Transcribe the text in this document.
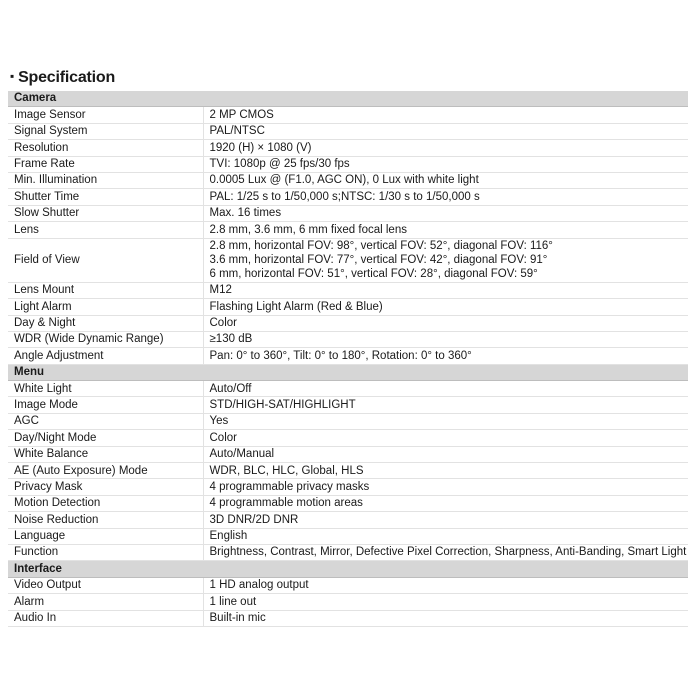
▪ Specification
Camera	
Image Sensor	2 MP CMOS
Signal System	PAL/NTSC
Resolution	1920 (H) × 1080 (V)
Frame Rate	TVI: 1080p @ 25 fps/30 fps
Min. Illumination	0.0005 Lux @ (F1.0, AGC ON), 0 Lux with white light
Shutter Time	PAL: 1/25 s to 1/50,000 s;NTSC: 1/30 s to 1/50,000 s
Slow Shutter	Max. 16 times
Lens	2.8 mm, 3.6 mm, 6 mm fixed focal lens
Field of View	2.8 mm, horizontal FOV: 98°, vertical FOV: 52°, diagonal FOV: 116°
3.6 mm, horizontal FOV: 77°, vertical FOV: 42°, diagonal FOV: 91°
6 mm, horizontal FOV: 51°, vertical FOV: 28°, diagonal FOV: 59°

Lens Mount	M12
Light Alarm	Flashing Light Alarm (Red & Blue)
Day & Night	Color
WDR (Wide Dynamic Range)	≥130 dB
Angle Adjustment	Pan: 0° to 360°, Tilt: 0° to 180°, Rotation: 0° to 360°
Menu	
White Light	Auto/Off
Image Mode	STD/HIGH-SAT/HIGHLIGHT
AGC	Yes
Day/Night Mode	Color
White Balance	Auto/Manual
AE (Auto Exposure) Mode	WDR, BLC, HLC, Global, HLS
Privacy Mask	4 programmable privacy masks
Motion Detection	4 programmable motion areas
Noise Reduction	3D DNR/2D DNR
Language	English
Function	Brightness, Contrast, Mirror, Defective Pixel Correction, Sharpness, Anti-Banding, Smart Light
Interface	
Video Output	1 HD analog output
Alarm	1 line out
Audio In	Built-in mic
